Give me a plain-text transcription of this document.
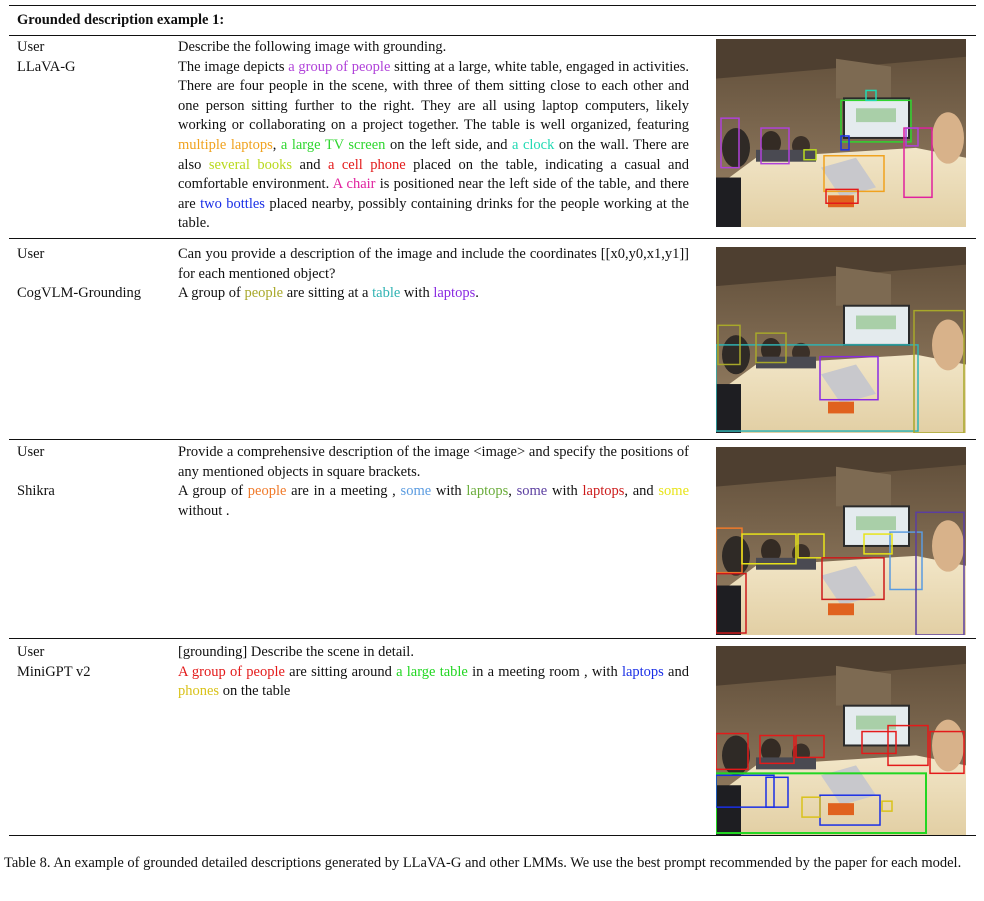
Grounded description example 1:
User
LLaVA-G

Describe the following image with grounding.

The image depicts a group of people sitting at a large, white table, engaged in activities. There are four people in the scene, with three of them sitting close to each other and one person sitting further to the right. They are all using laptop computers, likely working or collaborating on a project together. The table is well organized, featuring multiple laptops, a large TV screen on the left side, and a clock on the wall. There are also several books and a cell phone placed on the table, indicating a casual and comfortable environment. A chair is positioned near the left side of the table, and there are two bottles placed nearby, possibly containing drinks for the people working at the table.

User
CogVLM-Grounding

Can you provide a description of the image and include the coordinates [[x0,y0,x1,y1]] for each mentioned object?

A group of people are sitting at a table with laptops.

User
Shikra

Provide a comprehensive description of the image <image> and specify the positions of any mentioned objects in square brackets.

A group of people are in a meeting , some with laptops, some with laptops, and some without .

User
MiniGPT v2

[grounding] Describe the scene in detail.

A group of people are sitting around a large table in a meeting room , with laptops and phones on the table

Table 8. An example of grounded detailed descriptions generated by LLaVA-G and other LMMs. We use the best prompt recommended by the paper for each model.
